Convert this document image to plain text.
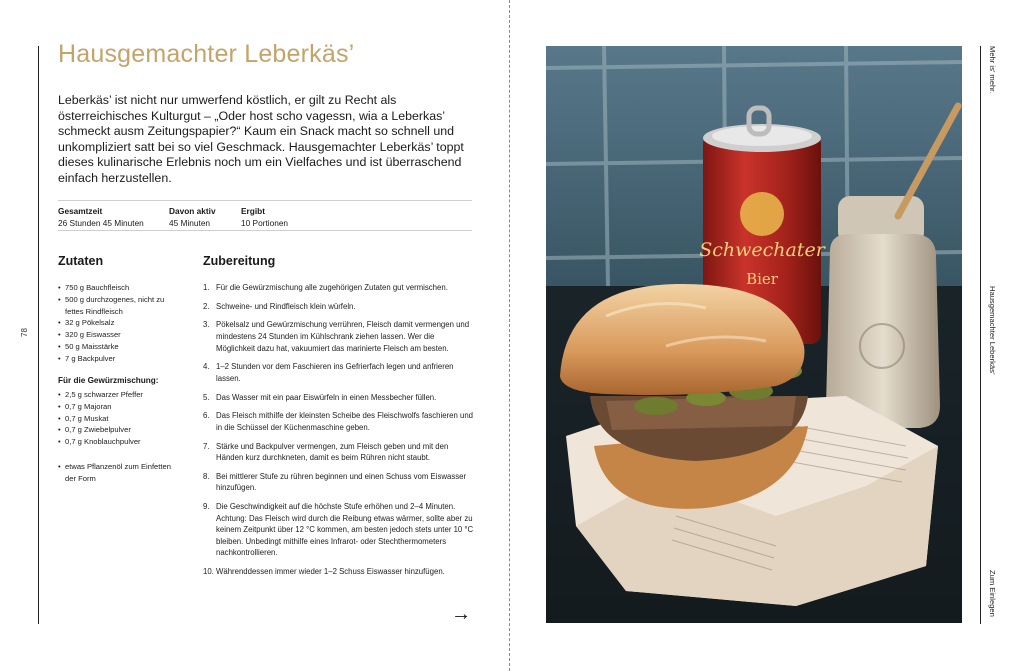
78
Hausgemachter Leberkäs’

Leberkäs’ ist nicht nur umwerfend köstlich, er gilt zu Recht als österreichisches Kulturgut – „Oder host scho vagessn, wia a Leberkas’ schmeckt ausm Zeitungspapier?“ Kaum ein Snack macht so schnell und unkompliziert satt bei so viel Geschmack. Hausgemachter Leberkäs’ toppt dieses kulinarische Erlebnis noch um ein Vielfaches und ist überraschend einfach herzustellen.

Gesamtzeit
26 Stunden 45 Minuten
Davon aktiv
45 Minuten
Ergibt
10 Portionen
Zutaten	Zubereitung
• 750 g Bauchfleisch
• 500 g durchzogenes, nicht zu fettes Rindfleisch
• 32 g Pökelsalz
• 320 g Eiswasser
• 50 g Maisstärke
• 7 g Backpulver
Für die Gewürzmischung:
• 2,5 g schwarzer Pfeffer
• 0,7 g Majoran
• 0,7 g Muskat
• 0,7 g Zwiebelpulver
• 0,7 g Knoblauchpulver
• etwas Pflanzenöl zum Einfetten der Form
1. Für die Gewürzmischung alle zugehörigen Zutaten gut vermischen.
2. Schweine- und Rindfleisch klein würfeln.
3. Pökelsalz und Gewürzmischung verrühren, Fleisch damit vermengen und mindestens 24 Stunden im Kühlschrank ziehen lassen. Wer die Möglichkeit dazu hat, vakuumiert das marinierte Fleisch am besten.
4. 1–2 Stunden vor dem Faschieren ins Gefrierfach legen und anfrieren lassen.
5. Das Wasser mit ein paar Eiswürfeln in einen Messbecher füllen.
6. Das Fleisch mithilfe der kleinsten Scheibe des Fleischwolfs faschieren und in die Schüssel der Küchenmaschine geben.
7. Stärke und Backpulver vermengen, zum Fleisch geben und mit den Händen kurz durchkneten, damit es beim Rühren nicht staubt.
8. Bei mittlerer Stufe zu rühren beginnen und einen Schuss vom Eiswasser hinzufügen.
9. Die Geschwindigkeit auf die höchste Stufe erhöhen und 2–4 Minuten. Achtung: Das Fleisch wird durch die Reibung etwas wärmer, sollte aber zu keinem Zeitpunkt über 12 °C kommen, am besten jedoch stets unter 10 °C bleiben. Unbedingt mithilfe eines Infrarot- oder Stechthermometers nachkontrollieren.
10. Währenddessen immer wieder 1–2 Schuss Eiswasser hinzufügen.
→
Schwechater
Bier
Mehr is’ mehr.
Hausgemachter Leberkäs’
Zum Einlegen
